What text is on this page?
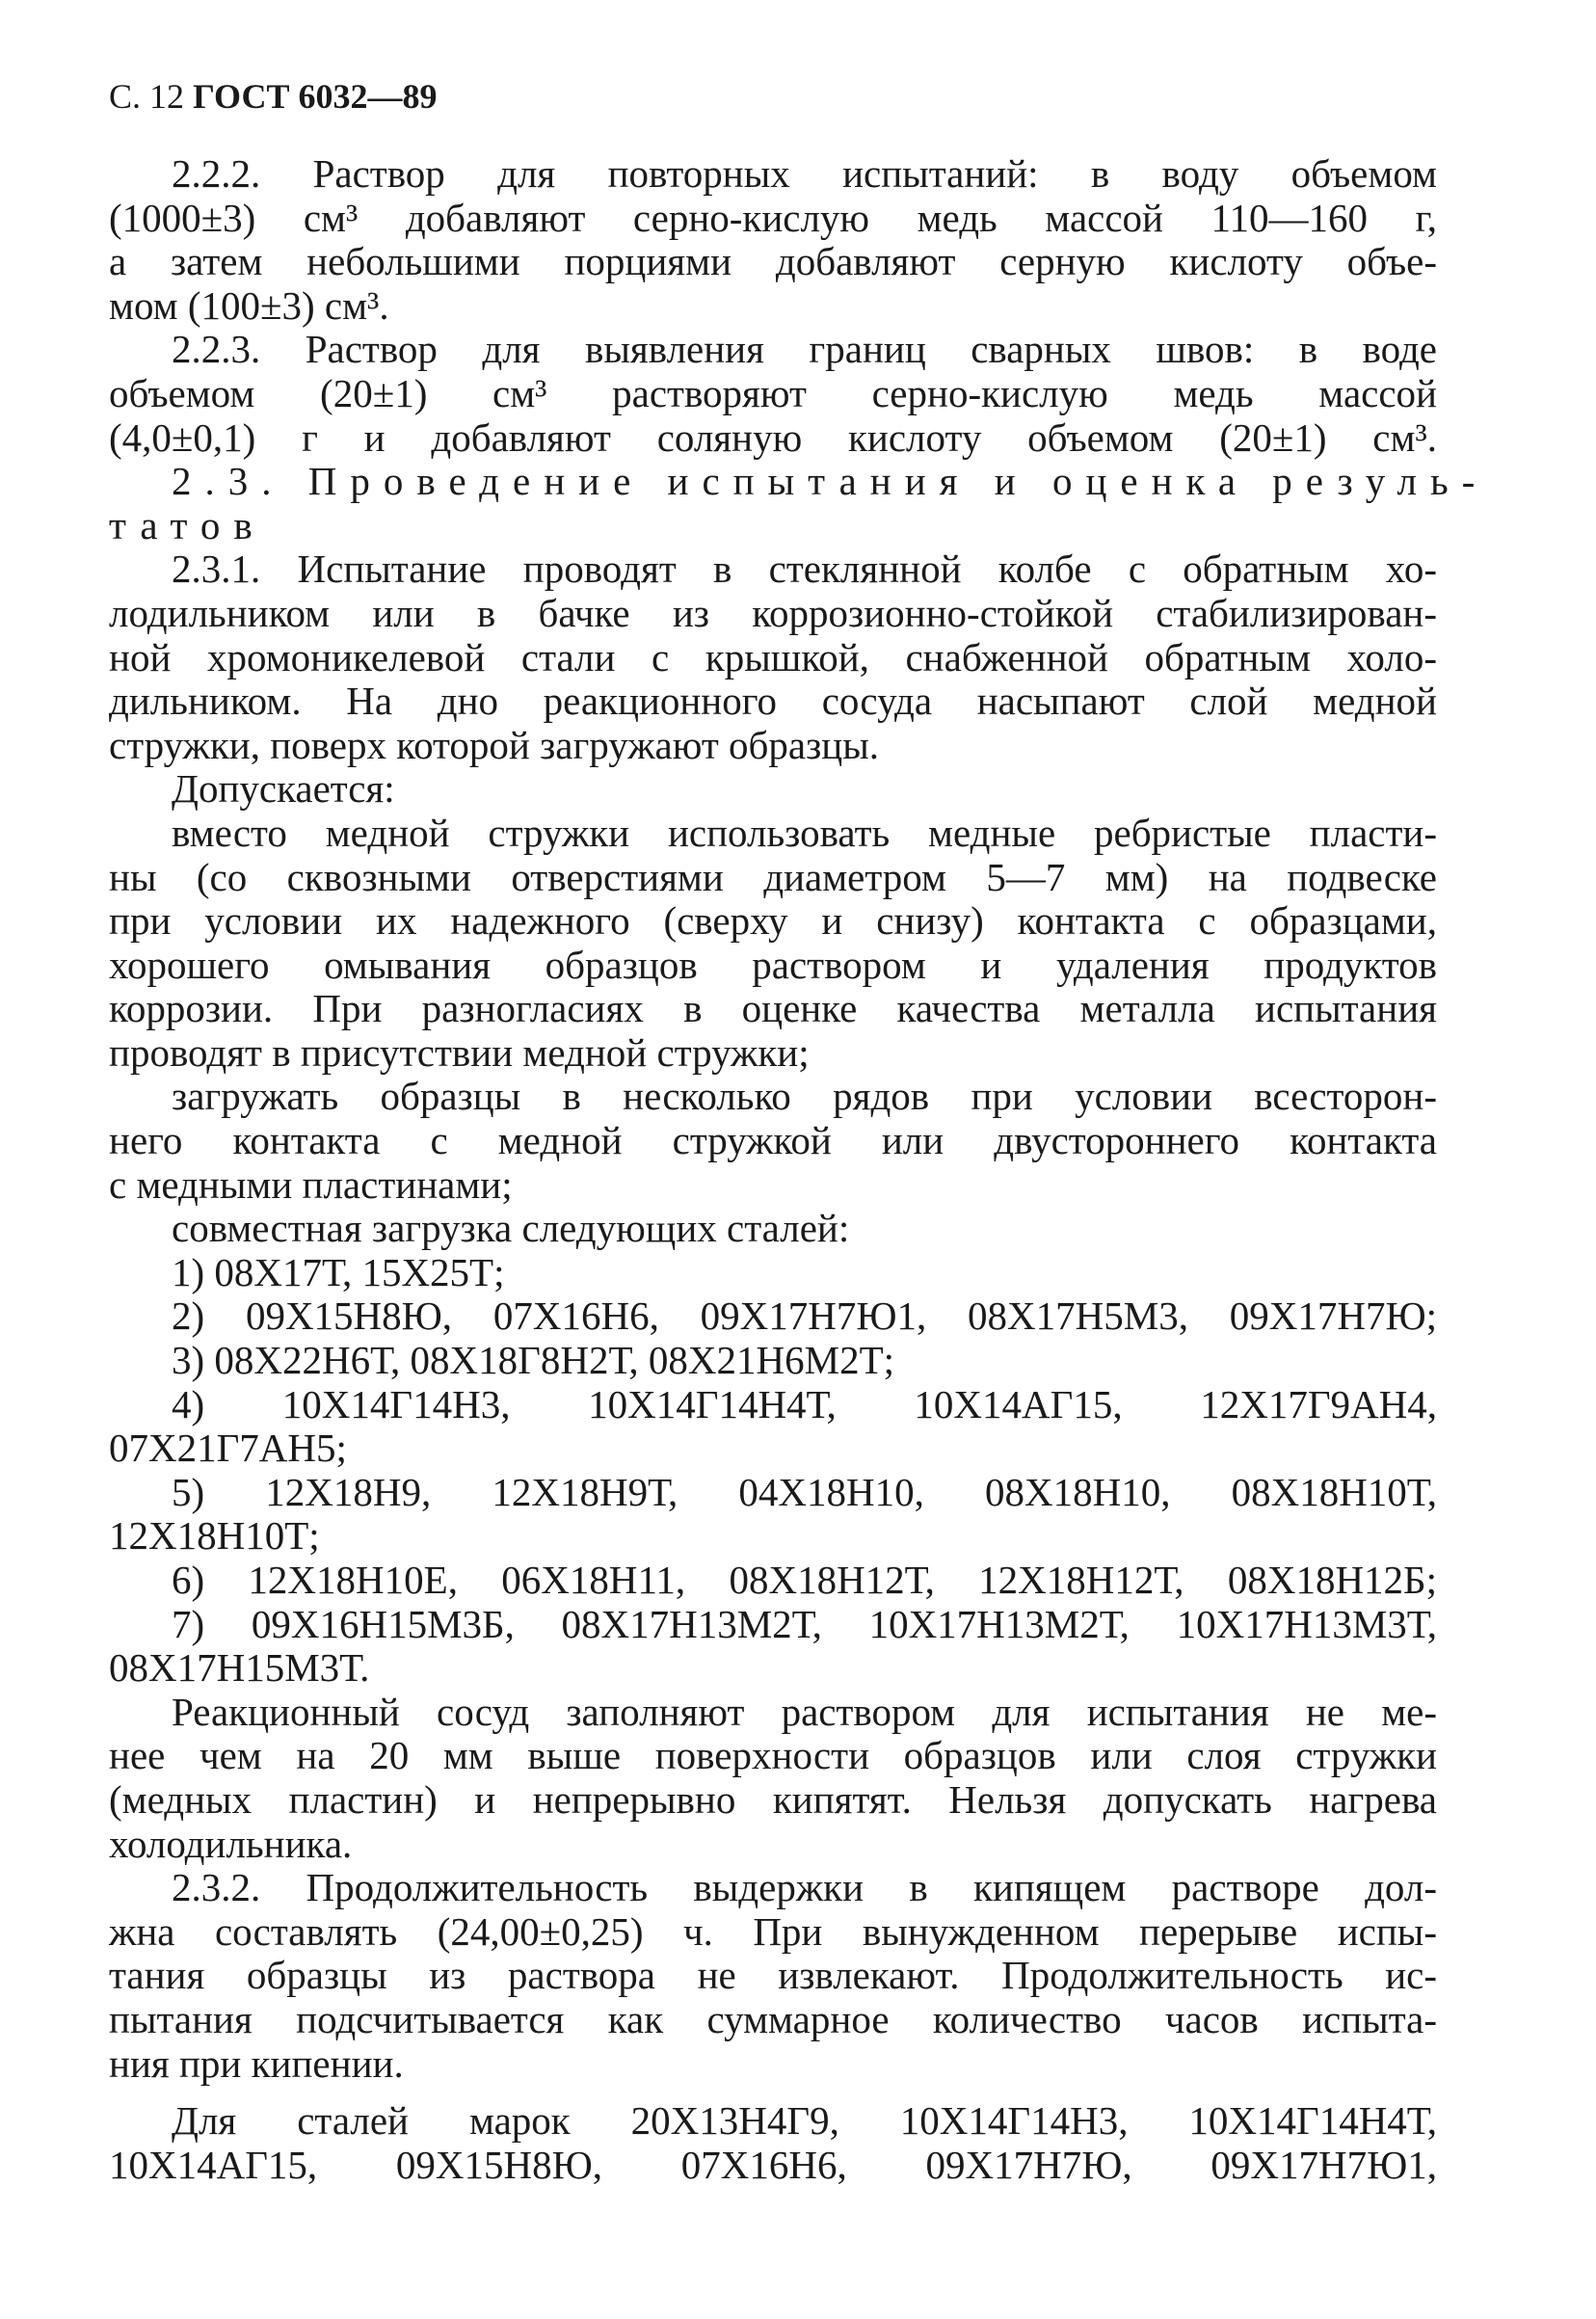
С. 12 ГОСТ 6032—89
2.2.2. Раствор для повторных испытаний: в воду объемом
(1000±3) см³ добавляют серно-кислую медь массой 110—160 г,
а затем небольшими порциями добавляют серную кислоту объе-
мом (100±3) см³.
2.2.3. Раствор для выявления границ сварных швов: в воде
объемом (20±1) см³ растворяют серно-кислую медь массой
(4,0±0,1) г и добавляют соляную кислоту объемом (20±1) см³.
2.3. Проведение испытания и оценка резуль-
татов
2.3.1. Испытание проводят в стеклянной колбе с обратным хо-
лодильником или в бачке из коррозионно-стойкой стабилизирован-
ной хромоникелевой стали с крышкой, снабженной обратным холо-
дильником. На дно реакционного сосуда насыпают слой медной
стружки, поверх которой загружают образцы.
Допускается:
вместо медной стружки использовать медные ребристые пласти-
ны (со сквозными отверстиями диаметром 5—7 мм) на подвеске
при условии их надежного (сверху и снизу) контакта с образцами,
хорошего омывания образцов раствором и удаления продуктов
коррозии. При разногласиях в оценке качества металла испытания
проводят в присутствии медной стружки;
загружать образцы в несколько рядов при условии всесторон-
него контакта с медной стружкой или двустороннего контакта
с медными пластинами;
совместная загрузка следующих сталей:
1) 08Х17Т, 15Х25Т;
2) 09Х15Н8Ю, 07Х16Н6, 09Х17Н7Ю1, 08Х17Н5М3, 09Х17Н7Ю;
3) 08Х22Н6Т, 08Х18Г8Н2Т, 08Х21Н6М2Т;
4) 10Х14Г14Н3, 10Х14Г14Н4Т, 10Х14АГ15, 12Х17Г9АН4,
07Х21Г7АН5;
5) 12Х18Н9, 12Х18Н9Т, 04Х18Н10, 08Х18Н10, 08Х18Н10Т,
12Х18Н10Т;
6) 12Х18Н10Е, 06Х18Н11, 08Х18Н12Т, 12Х18Н12Т, 08Х18Н12Б;
7) 09Х16Н15М3Б, 08Х17Н13М2Т, 10Х17Н13М2Т, 10Х17Н13М3Т,
08Х17Н15М3Т.
Реакционный сосуд заполняют раствором для испытания не ме-
нее чем на 20 мм выше поверхности образцов или слоя стружки
(медных пластин) и непрерывно кипятят. Нельзя допускать нагрева
холодильника.
2.3.2. Продолжительность выдержки в кипящем растворе дол-
жна составлять (24,00±0,25) ч. При вынужденном перерыве испы-
тания образцы из раствора не извлекают. Продолжительность ис-
пытания подсчитывается как суммарное количество часов испыта-
ния при кипении.
Для сталей марок 20Х13Н4Г9, 10Х14Г14Н3, 10Х14Г14Н4Т,
10Х14АГ15, 09Х15Н8Ю, 07Х16Н6, 09Х17Н7Ю, 09Х17Н7Ю1,
